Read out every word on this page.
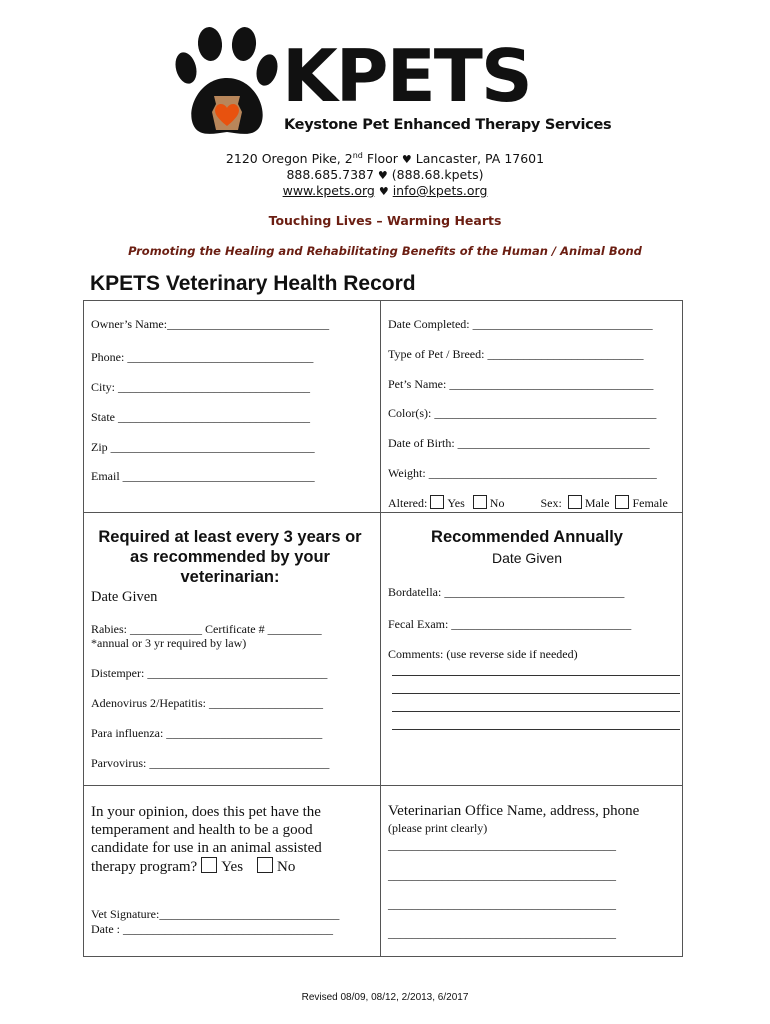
KPETS
Keystone Pet Enhanced Therapy Services
2120 Oregon Pike, 2nd Floor ♥ Lancaster, PA 17601
888.685.7387 ♥ (888.68.kpets)
www.kpets.org ♥ info@kpets.org
Touching Lives – Warming Hearts
Promoting the Healing and Rehabilitating Benefits of the Human / Animal Bond
KPETS Veterinary Health Record
Owner’s Name:___________________________
Phone: _______________________________
City: ________________________________
State ________________________________
Zip __________________________________
Email ________________________________
Date Completed: ______________________________
Type of Pet / Breed: __________________________
Pet’s Name: __________________________________
Color(s): _____________________________________
Date of Birth: ________________________________
Weight: ______________________________________
Altered: Yes No	Sex: Male Female
Required at least every 3 years or as recommended by your veterinarian:
Date Given
Rabies: ____________ Certificate # _________
*annual or 3 yr required by law)
Distemper: ______________________________
Adenovirus 2/Hepatitis: ___________________
Para influenza: __________________________
Parvovirus: ______________________________
Recommended Annually
Date Given
Bordatella: ______________________________
Fecal Exam: ______________________________
Comments: (use reverse side if needed)
In your opinion, does this pet have the
temperament and health to be a good
candidate for use in an animal assisted
therapy program? Yes No
Vet Signature:______________________________
Date : ___________________________________
Veterinarian Office Name, address, phone
(please print clearly)
______________________________________
______________________________________
______________________________________
______________________________________
Revised 08/09, 08/12, 2/2013, 6/2017
